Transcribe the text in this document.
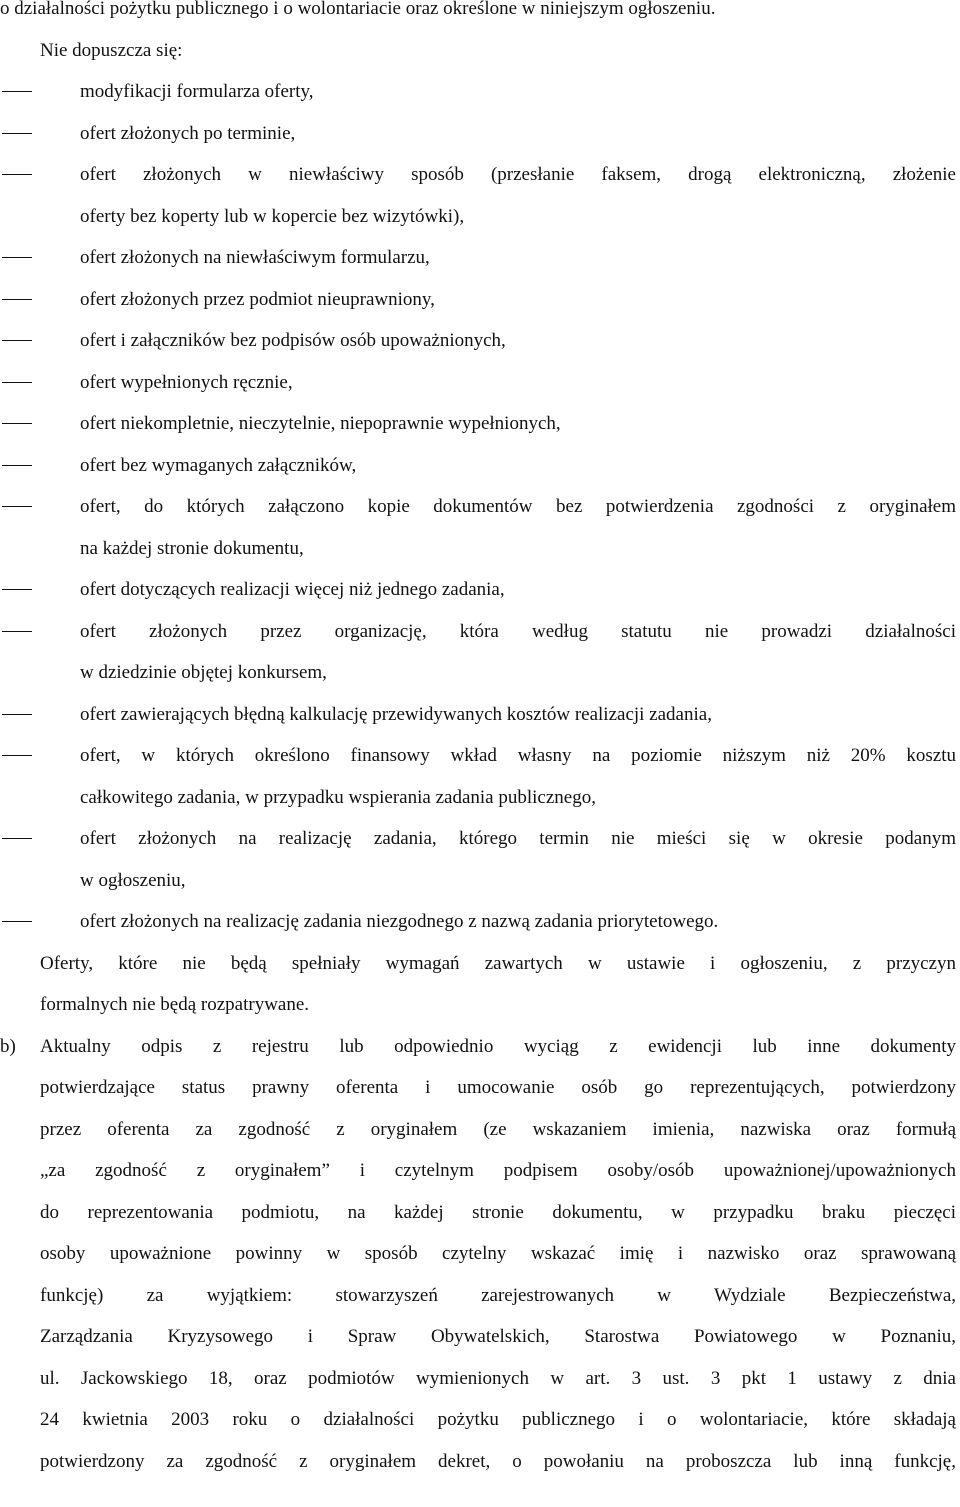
o działalności pożytku publicznego i o wolontariacie oraz określone w niniejszym ogłoszeniu.
Nie dopuszcza się:
modyfikacji formularza oferty,
ofert złożonych po terminie,
ofert złożonych w niewłaściwy sposób (przesłanie faksem, drogą elektroniczną, złożenie
oferty bez koperty lub w kopercie bez wizytówki),
ofert złożonych na niewłaściwym formularzu,
ofert złożonych przez podmiot nieuprawniony,
ofert i załączników bez podpisów osób upoważnionych,
ofert wypełnionych ręcznie,
ofert niekompletnie, nieczytelnie, niepoprawnie wypełnionych,
ofert bez wymaganych załączników,
ofert, do których załączono kopie dokumentów bez potwierdzenia zgodności z oryginałem
na każdej stronie dokumentu,
ofert dotyczących realizacji więcej niż jednego zadania,
ofert złożonych przez organizację, która według statutu nie prowadzi działalności
w dziedzinie objętej konkursem,
ofert zawierających błędną kalkulację przewidywanych kosztów realizacji zadania,
ofert, w których określono finansowy wkład własny na poziomie niższym niż 20% kosztu
całkowitego zadania, w przypadku wspierania zadania publicznego,
ofert złożonych na realizację zadania, którego termin nie mieści się w okresie podanym
w ogłoszeniu,
ofert złożonych na realizację zadania niezgodnego z nazwą zadania priorytetowego.
Oferty, które nie będą spełniały wymagań zawartych w ustawie i ogłoszeniu, z przyczyn
formalnych nie będą rozpatrywane.
b) Aktualny odpis z rejestru lub odpowiednio wyciąg z ewidencji lub inne dokumenty
potwierdzające status prawny oferenta i umocowanie osób go reprezentujących, potwierdzony
przez oferenta za zgodność z oryginałem (ze wskazaniem imienia, nazwiska oraz formułą
„za zgodność z oryginałem” i czytelnym podpisem osoby/osób upoważnionej/upoważnionych
do reprezentowania podmiotu, na każdej stronie dokumentu, w przypadku braku pieczęci
osoby upoważnione powinny w sposób czytelny wskazać imię i nazwisko oraz sprawowaną
funkcję) za wyjątkiem: stowarzyszeń zarejestrowanych w Wydziale Bezpieczeństwa,
Zarządzania Kryzysowego i Spraw Obywatelskich, Starostwa Powiatowego w Poznaniu,
ul. Jackowskiego 18, oraz podmiotów wymienionych w art. 3 ust. 3 pkt 1 ustawy z dnia
24 kwietnia 2003 roku o działalności pożytku publicznego i o wolontariacie, które składają
potwierdzony za zgodność z oryginałem dekret, o powołaniu na proboszcza lub inną funkcję,
